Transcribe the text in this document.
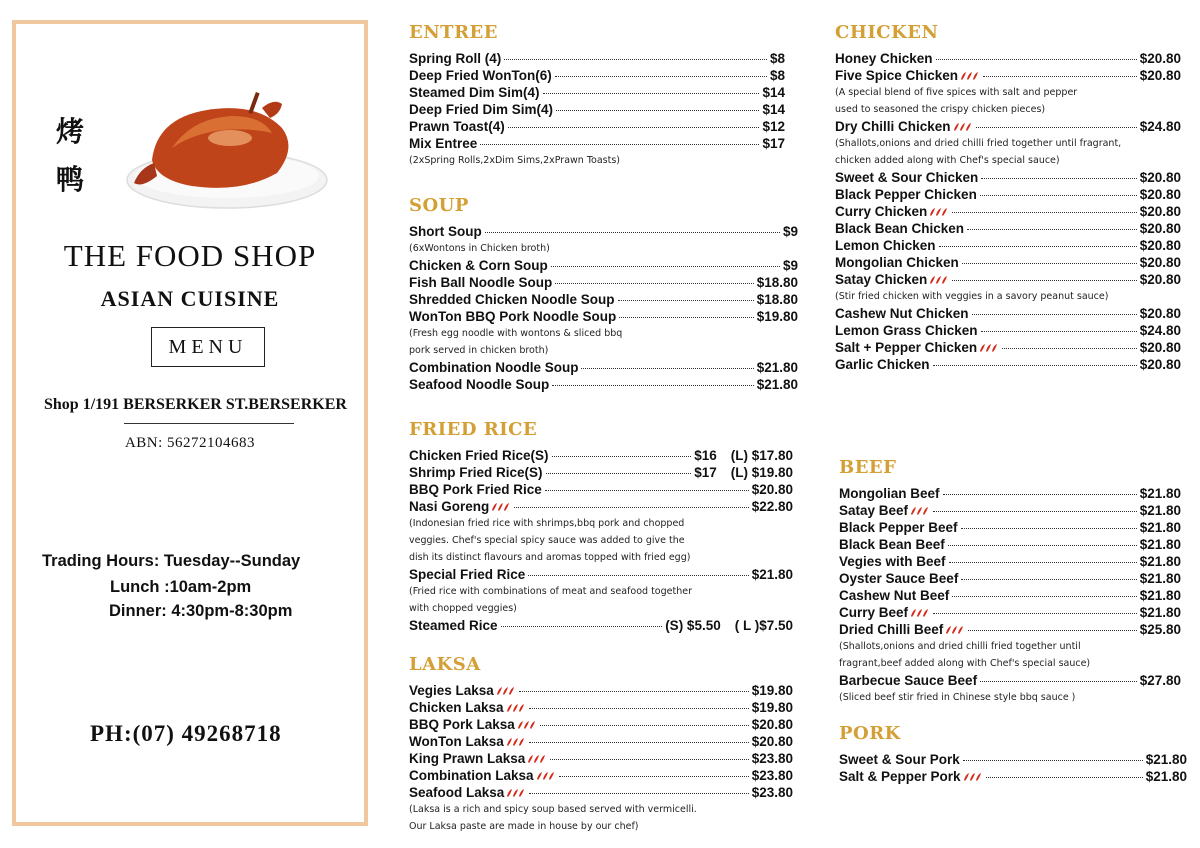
烤
鸭
THE FOOD SHOP
ASIAN CUISINE
MENU
Shop 1/191 BERSERKER ST.BERSERKER
ABN: 56272104683
Trading Hours: Tuesday--Sunday
Lunch :10am-2pm
Dinner: 4:30pm-8:30pm
PH:(07) 49268718
ENTREE
Spring Roll (4)	$8
Deep Fried WonTon(6)	$8
Steamed Dim Sim(4)	$14
Deep Fried Dim Sim(4)	$14
Prawn Toast(4)	$12
Mix Entree	$17
(2xSpring Rolls,2xDim Sims,2xPrawn Toasts)
SOUP
Short Soup	$9
(6xWontons in Chicken broth)
Chicken & Corn Soup	$9
Fish Ball Noodle Soup	$18.80
Shredded Chicken Noodle Soup	$18.80
WonTon BBQ Pork Noodle Soup	$19.80
(Fresh egg noodle with wontons & sliced bbq
pork served in chicken broth)
Combination Noodle Soup	$21.80
Seafood Noodle Soup	$21.80
FRIED RICE
Chicken Fried Rice(S)	$16 (L) $17.80
Shrimp Fried Rice(S)	$17 (L) $19.80
BBQ Pork Fried Rice	$20.80
Nasi Goreng	$22.80
(Indonesian fried rice with shrimps,bbq pork and chopped
veggies. Chef's special spicy sauce was added to give the
dish its distinct flavours and aromas topped with fried egg)
Special Fried Rice	$21.80
(Fried rice with combinations of meat and seafood together
with chopped veggies)
Steamed Rice	(S) $5.50 ( L )$7.50
LAKSA
Vegies Laksa	$19.80
Chicken Laksa	$19.80
BBQ Pork Laksa	$20.80
WonTon Laksa	$20.80
King Prawn Laksa	$23.80
Combination Laksa	$23.80
Seafood Laksa	$23.80
(Laksa is a rich and spicy soup based served with vermicelli.
Our Laksa paste are made in house by our chef)
CHICKEN
Honey Chicken	$20.80
Five Spice Chicken	$20.80
(A special blend of five spices with salt and pepper
used to seasoned the crispy chicken pieces)
Dry Chilli Chicken	$24.80
(Shallots,onions and dried chilli fried together until fragrant,
chicken added along with Chef's special sauce)
Sweet & Sour Chicken	$20.80
Black Pepper Chicken	$20.80
Curry Chicken	$20.80
Black Bean Chicken	$20.80
Lemon Chicken	$20.80
Mongolian Chicken	$20.80
Satay Chicken	$20.80
(Stir fried chicken with veggies in a savory peanut sauce)
Cashew Nut Chicken	$20.80
Lemon Grass Chicken	$24.80
Salt + Pepper Chicken	$20.80
Garlic Chicken	$20.80
BEEF
Mongolian Beef	$21.80
Satay Beef	$21.80
Black Pepper Beef	$21.80
Black Bean Beef	$21.80
Vegies with Beef	$21.80
Oyster Sauce Beef	$21.80
Cashew Nut Beef	$21.80
Curry Beef	$21.80
Dried Chilli Beef	$25.80
(Shallots,onions and dried chilli fried together until
fragrant,beef added along with Chef's special sauce)
Barbecue Sauce Beef	$27.80
(Sliced beef stir fried in Chinese style bbq sauce )
PORK
Sweet & Sour Pork	$21.80
Salt & Pepper Pork	$21.80
